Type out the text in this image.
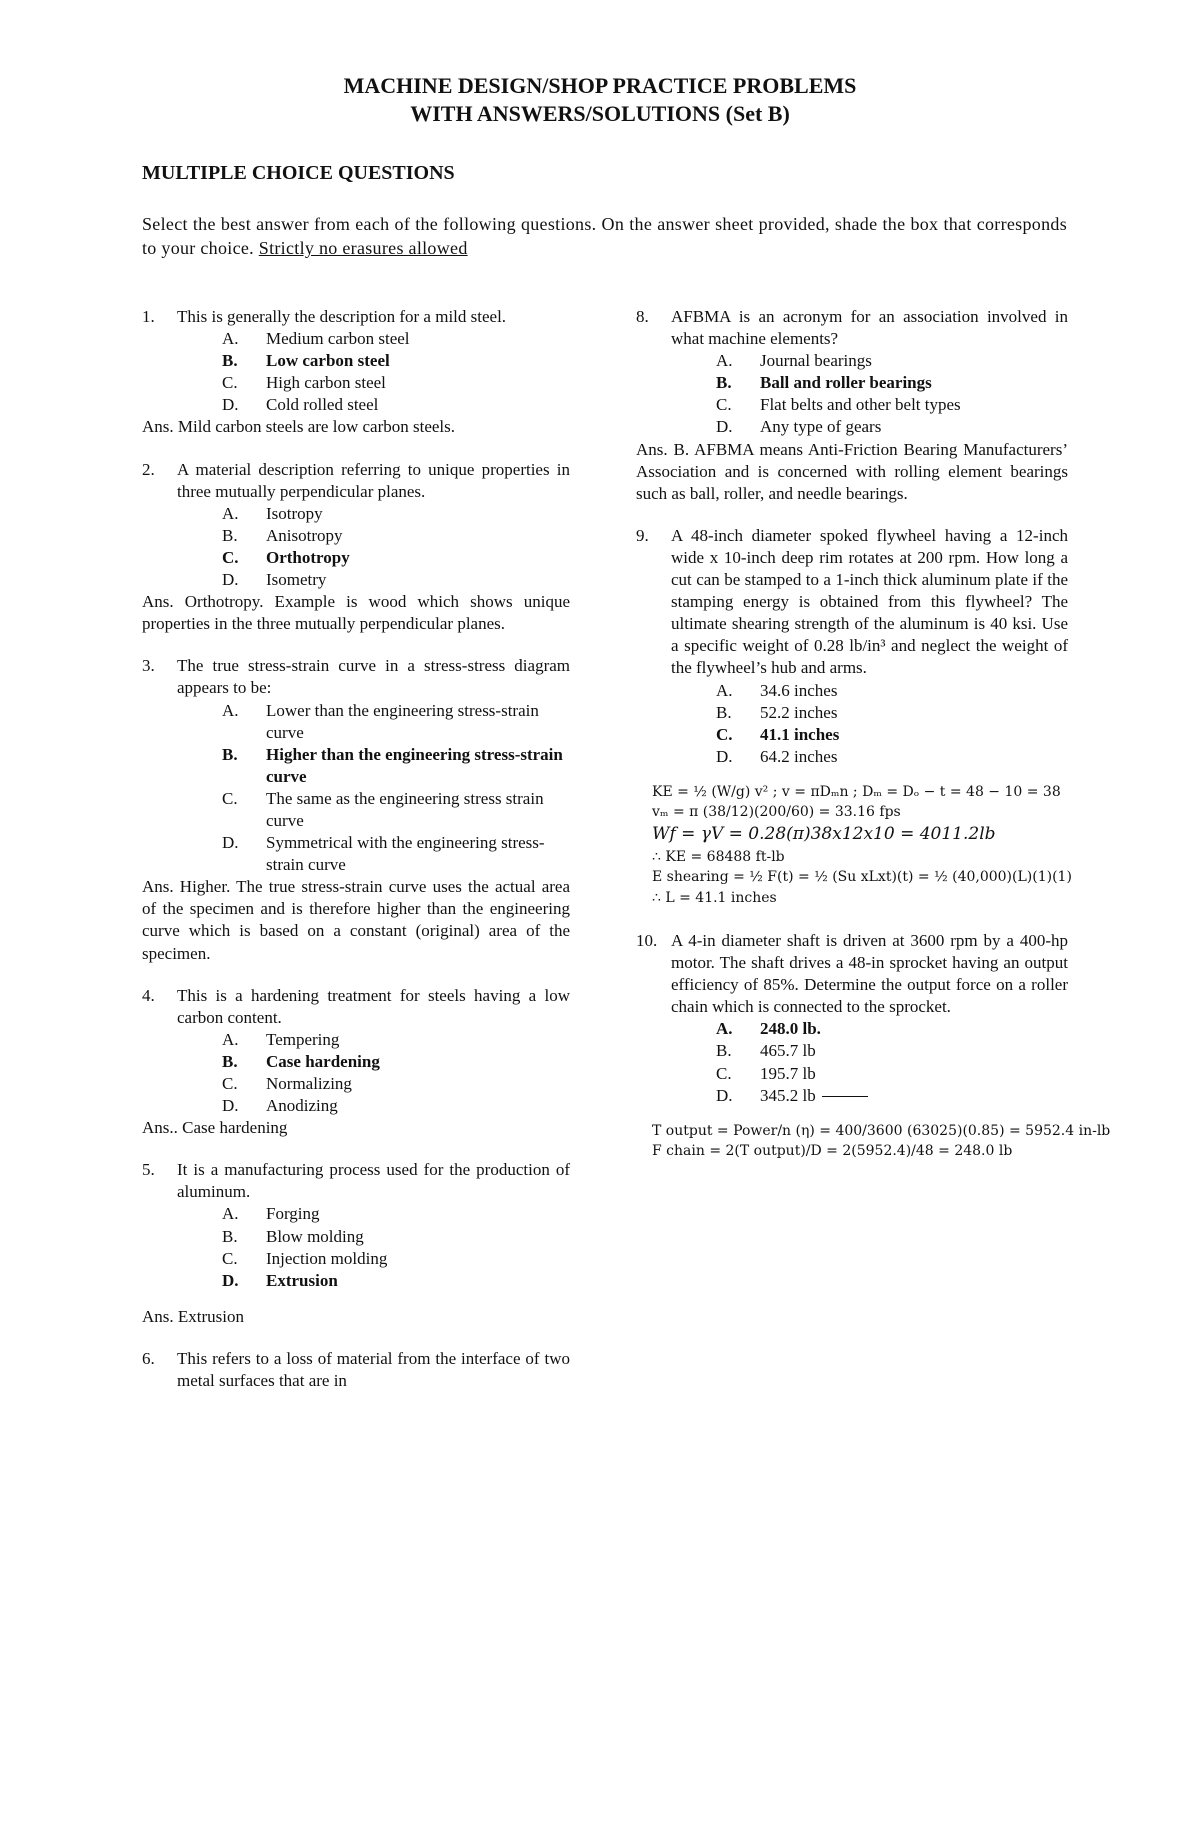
MACHINE DESIGN/SHOP PRACTICE PROBLEMS
WITH ANSWERS/SOLUTIONS (Set B)
MULTIPLE CHOICE QUESTIONS
Select the best answer from each of the following questions. On the answer sheet provided, shade the box that corresponds to your choice. Strictly no erasures allowed
1. This is generally the description for a mild steel.
A. Medium carbon steel
B. Low carbon steel
C. High carbon steel
D. Cold rolled steel
Ans. Mild carbon steels are low carbon steels.
2. A material description referring to unique properties in three mutually perpendicular planes.
A. Isotropy
B. Anisotropy
C. Orthotropy
D. Isometry
Ans. Orthotropy. Example is wood which shows unique properties in the three mutually perpendicular planes.
3. The true stress-strain curve in a stress-stress diagram appears to be:
A. Lower than the engineering stress-strain curve
B. Higher than the engineering stress-strain curve
C. The same as the engineering stress strain curve
D. Symmetrical with the engineering stress-strain curve
Ans. Higher. The true stress-strain curve uses the actual area of the specimen and is therefore higher than the engineering curve which is based on a constant (original) area of the specimen.
4. This is a hardening treatment for steels having a low carbon content.
A. Tempering
B. Case hardening
C. Normalizing
D. Anodizing
Ans.. Case hardening
5. It is a manufacturing process used for the production of aluminum.
A. Forging
B. Blow molding
C. Injection molding
D. Extrusion
Ans. Extrusion
6. This refers to a loss of material from the interface of two metal surfaces that are in
8. AFBMA is an acronym for an association involved in what machine elements?
A. Journal bearings
B. Ball and roller bearings
C. Flat belts and other belt types
D. Any type of gears
Ans. B. AFBMA means Anti-Friction Bearing Manufacturers’ Association and is concerned with rolling element bearings such as ball, roller, and needle bearings.
9. A 48-inch diameter spoked flywheel having a 12-inch wide x 10-inch deep rim rotates at 200 rpm. How long a cut can be stamped to a 1-inch thick aluminum plate if the stamping energy is obtained from this flywheel? The ultimate shearing strength of the aluminum is 40 ksi. Use a specific weight of 0.28 lb/in³ and neglect the weight of the flywheel’s hub and arms.
A. 34.6 inches
B. 52.2 inches
C. 41.1 inches
D. 64.2 inches
KE = ½ (W/g) v² ; v = πDₘn ; Dₘ = Dₒ − t = 48 − 10 = 38
vₘ = π (38/12)(200/60) = 33.16 fps
Wf = γV = 0.28(π)38x12x10 = 4011.2lb
∴ KE = 68488 ft-lb
E shearing = ½ F(t) = ½ (Su xLxt)(t) = ½ (40,000)(L)(1)(1)
∴ L = 41.1 inches
10. A 4-in diameter shaft is driven at 3600 rpm by a 400-hp motor. The shaft drives a 48-in sprocket having an output efficiency of 85%. Determine the output force on a roller chain which is connected to the sprocket.
A. 248.0 lb.
B. 465.7 lb
C. 195.7 lb
D. 345.2 lb
T output = Power/n (η) = 400/3600 (63025)(0.85) = 5952.4 in-lb
F chain = 2(T output)/D = 2(5952.4)/48 = 248.0 lb
